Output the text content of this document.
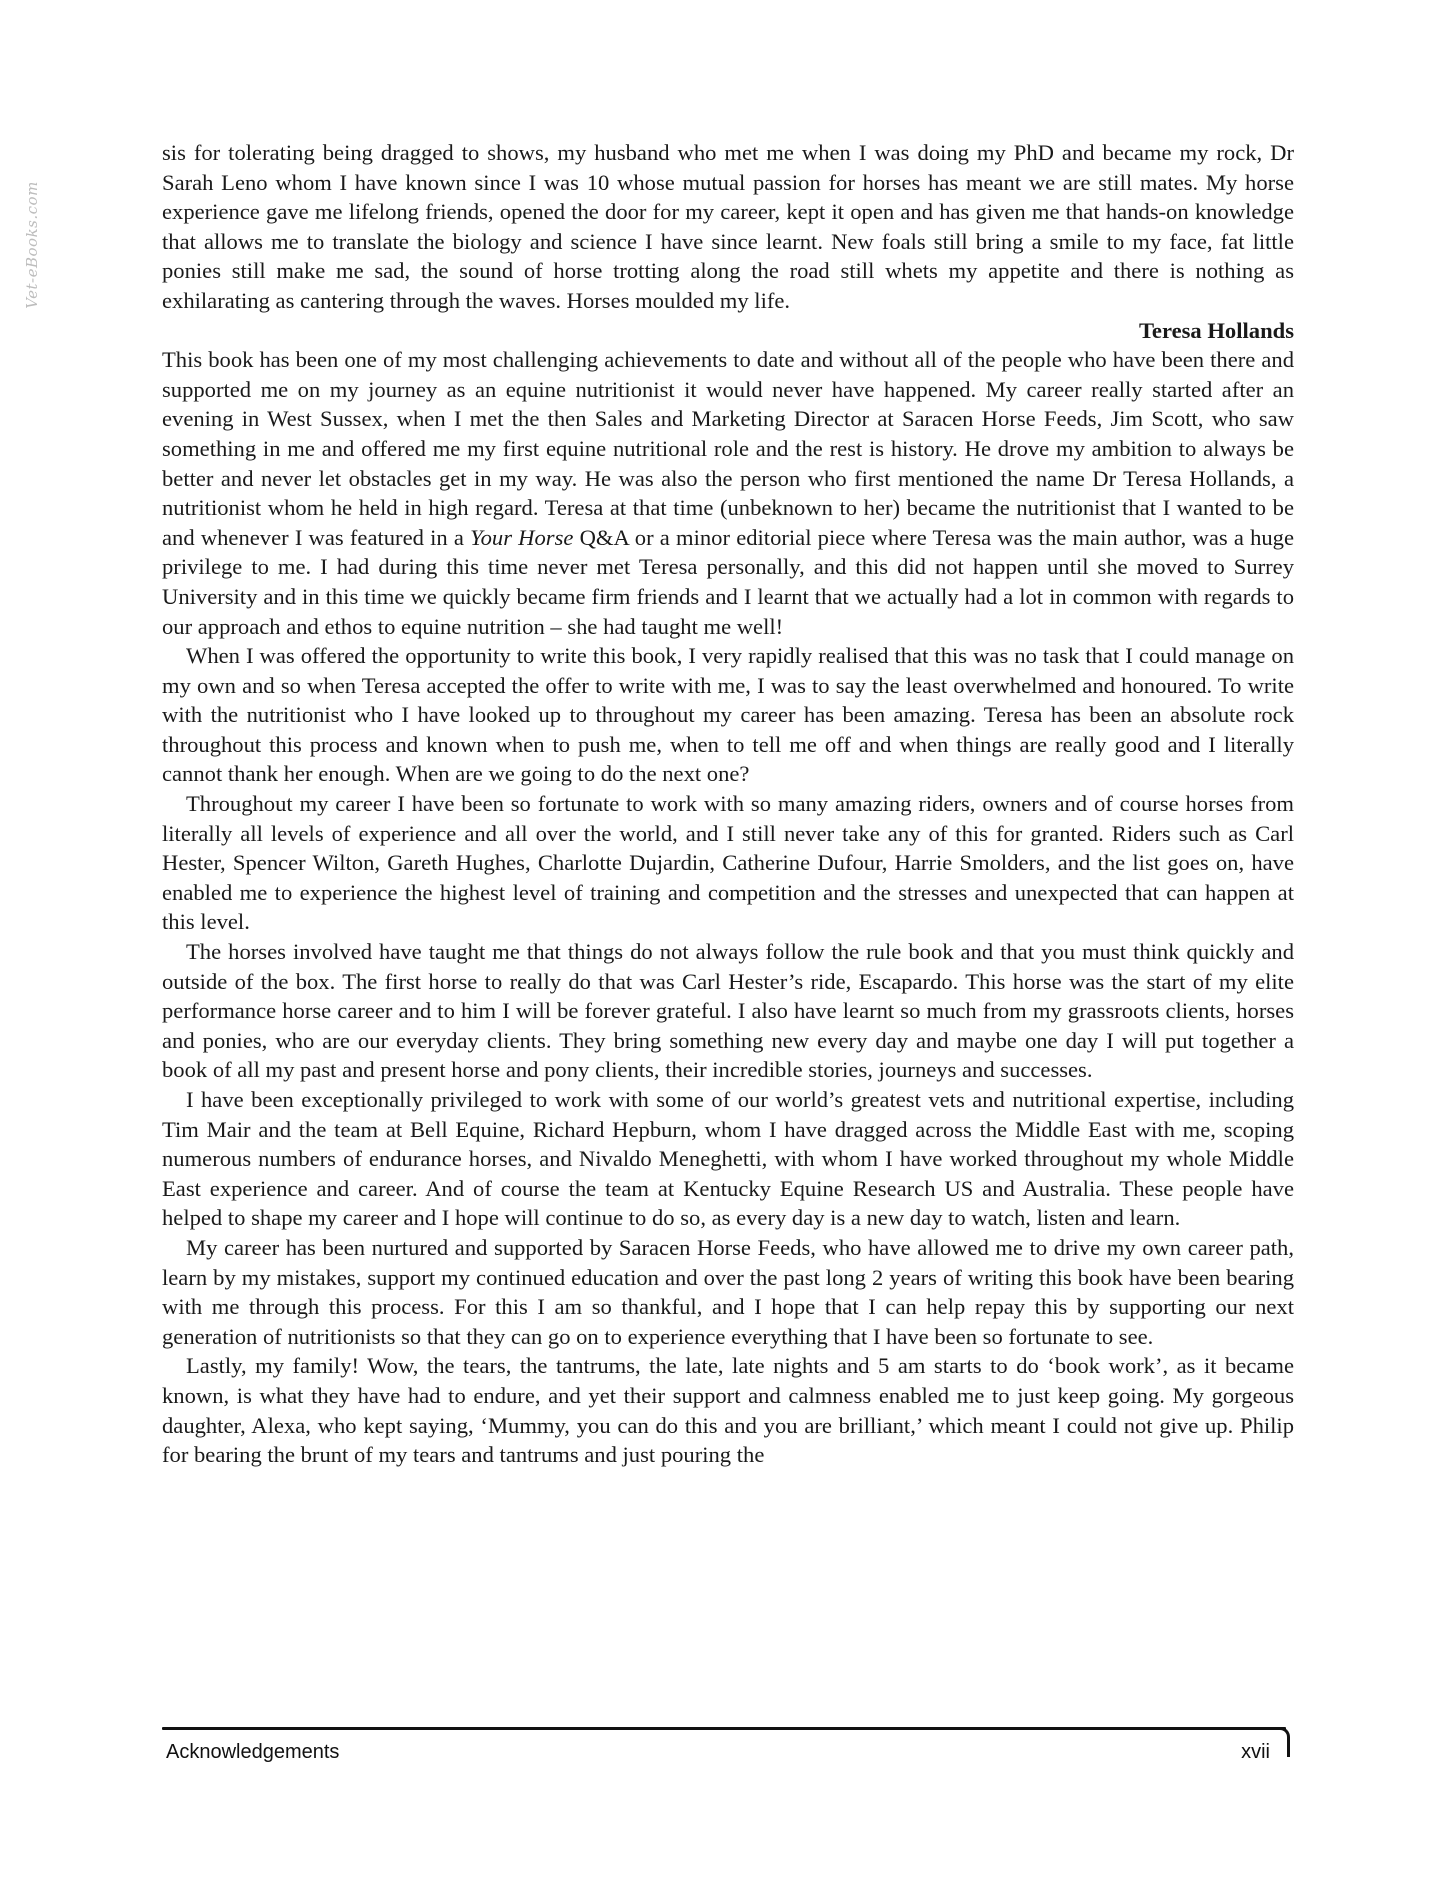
Vet-eBooks.com

sis for tolerating being dragged to shows, my husband who met me when I was doing my PhD and became my rock, Dr Sarah Leno whom I have known since I was 10 whose mutual passion for horses has meant we are still mates. My horse experience gave me lifelong friends, opened the door for my career, kept it open and has given me that hands-on knowledge that allows me to translate the biology and science I have since learnt. New foals still bring a smile to my face, fat little ponies still make me sad, the sound of horse trotting along the road still whets my appetite and there is nothing as exhilarating as cantering through the waves. Horses moulded my life.

Teresa Hollands

This book has been one of my most challenging achievements to date and without all of the people who have been there and supported me on my journey as an equine nutritionist it would never have happened. My career really started after an evening in West Sussex, when I met the then Sales and Marketing Director at Saracen Horse Feeds, Jim Scott, who saw something in me and offered me my first equine nutritional role and the rest is history. He drove my ambition to always be better and never let obstacles get in my way. He was also the person who first mentioned the name Dr Teresa Hollands, a nutritionist whom he held in high regard. Teresa at that time (unbeknown to her) became the nutritionist that I wanted to be and whenever I was featured in a Your Horse Q&A or a minor editorial piece where Teresa was the main author, was a huge privilege to me. I had during this time never met Teresa personally, and this did not happen until she moved to Surrey University and in this time we quickly became firm friends and I learnt that we actually had a lot in common with regards to our approach and ethos to equine nutrition – she had taught me well!

When I was offered the opportunity to write this book, I very rapidly realised that this was no task that I could manage on my own and so when Teresa accepted the offer to write with me, I was to say the least overwhelmed and honoured. To write with the nutritionist who I have looked up to throughout my career has been amazing. Teresa has been an absolute rock throughout this process and known when to push me, when to tell me off and when things are really good and I literally cannot thank her enough. When are we going to do the next one?

Throughout my career I have been so fortunate to work with so many amazing riders, owners and of course horses from literally all levels of experience and all over the world, and I still never take any of this for granted. Riders such as Carl Hester, Spencer Wilton, Gareth Hughes, Charlotte Dujardin, Catherine Dufour, Harrie Smolders, and the list goes on, have enabled me to experience the highest level of training and competition and the stresses and unexpected that can happen at this level.

The horses involved have taught me that things do not always follow the rule book and that you must think quickly and outside of the box. The first horse to really do that was Carl Hester’s ride, Escapardo. This horse was the start of my elite performance horse career and to him I will be forever grateful. I also have learnt so much from my grassroots clients, horses and ponies, who are our everyday clients. They bring something new every day and maybe one day I will put together a book of all my past and present horse and pony clients, their incredible stories, journeys and successes.

I have been exceptionally privileged to work with some of our world’s greatest vets and nutritional expertise, including Tim Mair and the team at Bell Equine, Richard Hepburn, whom I have dragged across the Middle East with me, scoping numerous numbers of endurance horses, and Nivaldo Meneghetti, with whom I have worked throughout my whole Middle East experience and career. And of course the team at Kentucky Equine Research US and Australia. These people have helped to shape my career and I hope will continue to do so, as every day is a new day to watch, listen and learn.

My career has been nurtured and supported by Saracen Horse Feeds, who have allowed me to drive my own career path, learn by my mistakes, support my continued education and over the past long 2 years of writing this book have been bearing with me through this process. For this I am so thankful, and I hope that I can help repay this by supporting our next generation of nutritionists so that they can go on to experience everything that I have been so fortunate to see.

Lastly, my family! Wow, the tears, the tantrums, the late, late nights and 5 am starts to do ‘book work’, as it became known, is what they have had to endure, and yet their support and calmness enabled me to just keep going. My gorgeous daughter, Alexa, who kept saying, ‘Mummy, you can do this and you are brilliant,’ which meant I could not give up. Philip for bearing the brunt of my tears and tantrums and just pouring the

Acknowledgements	xvii
